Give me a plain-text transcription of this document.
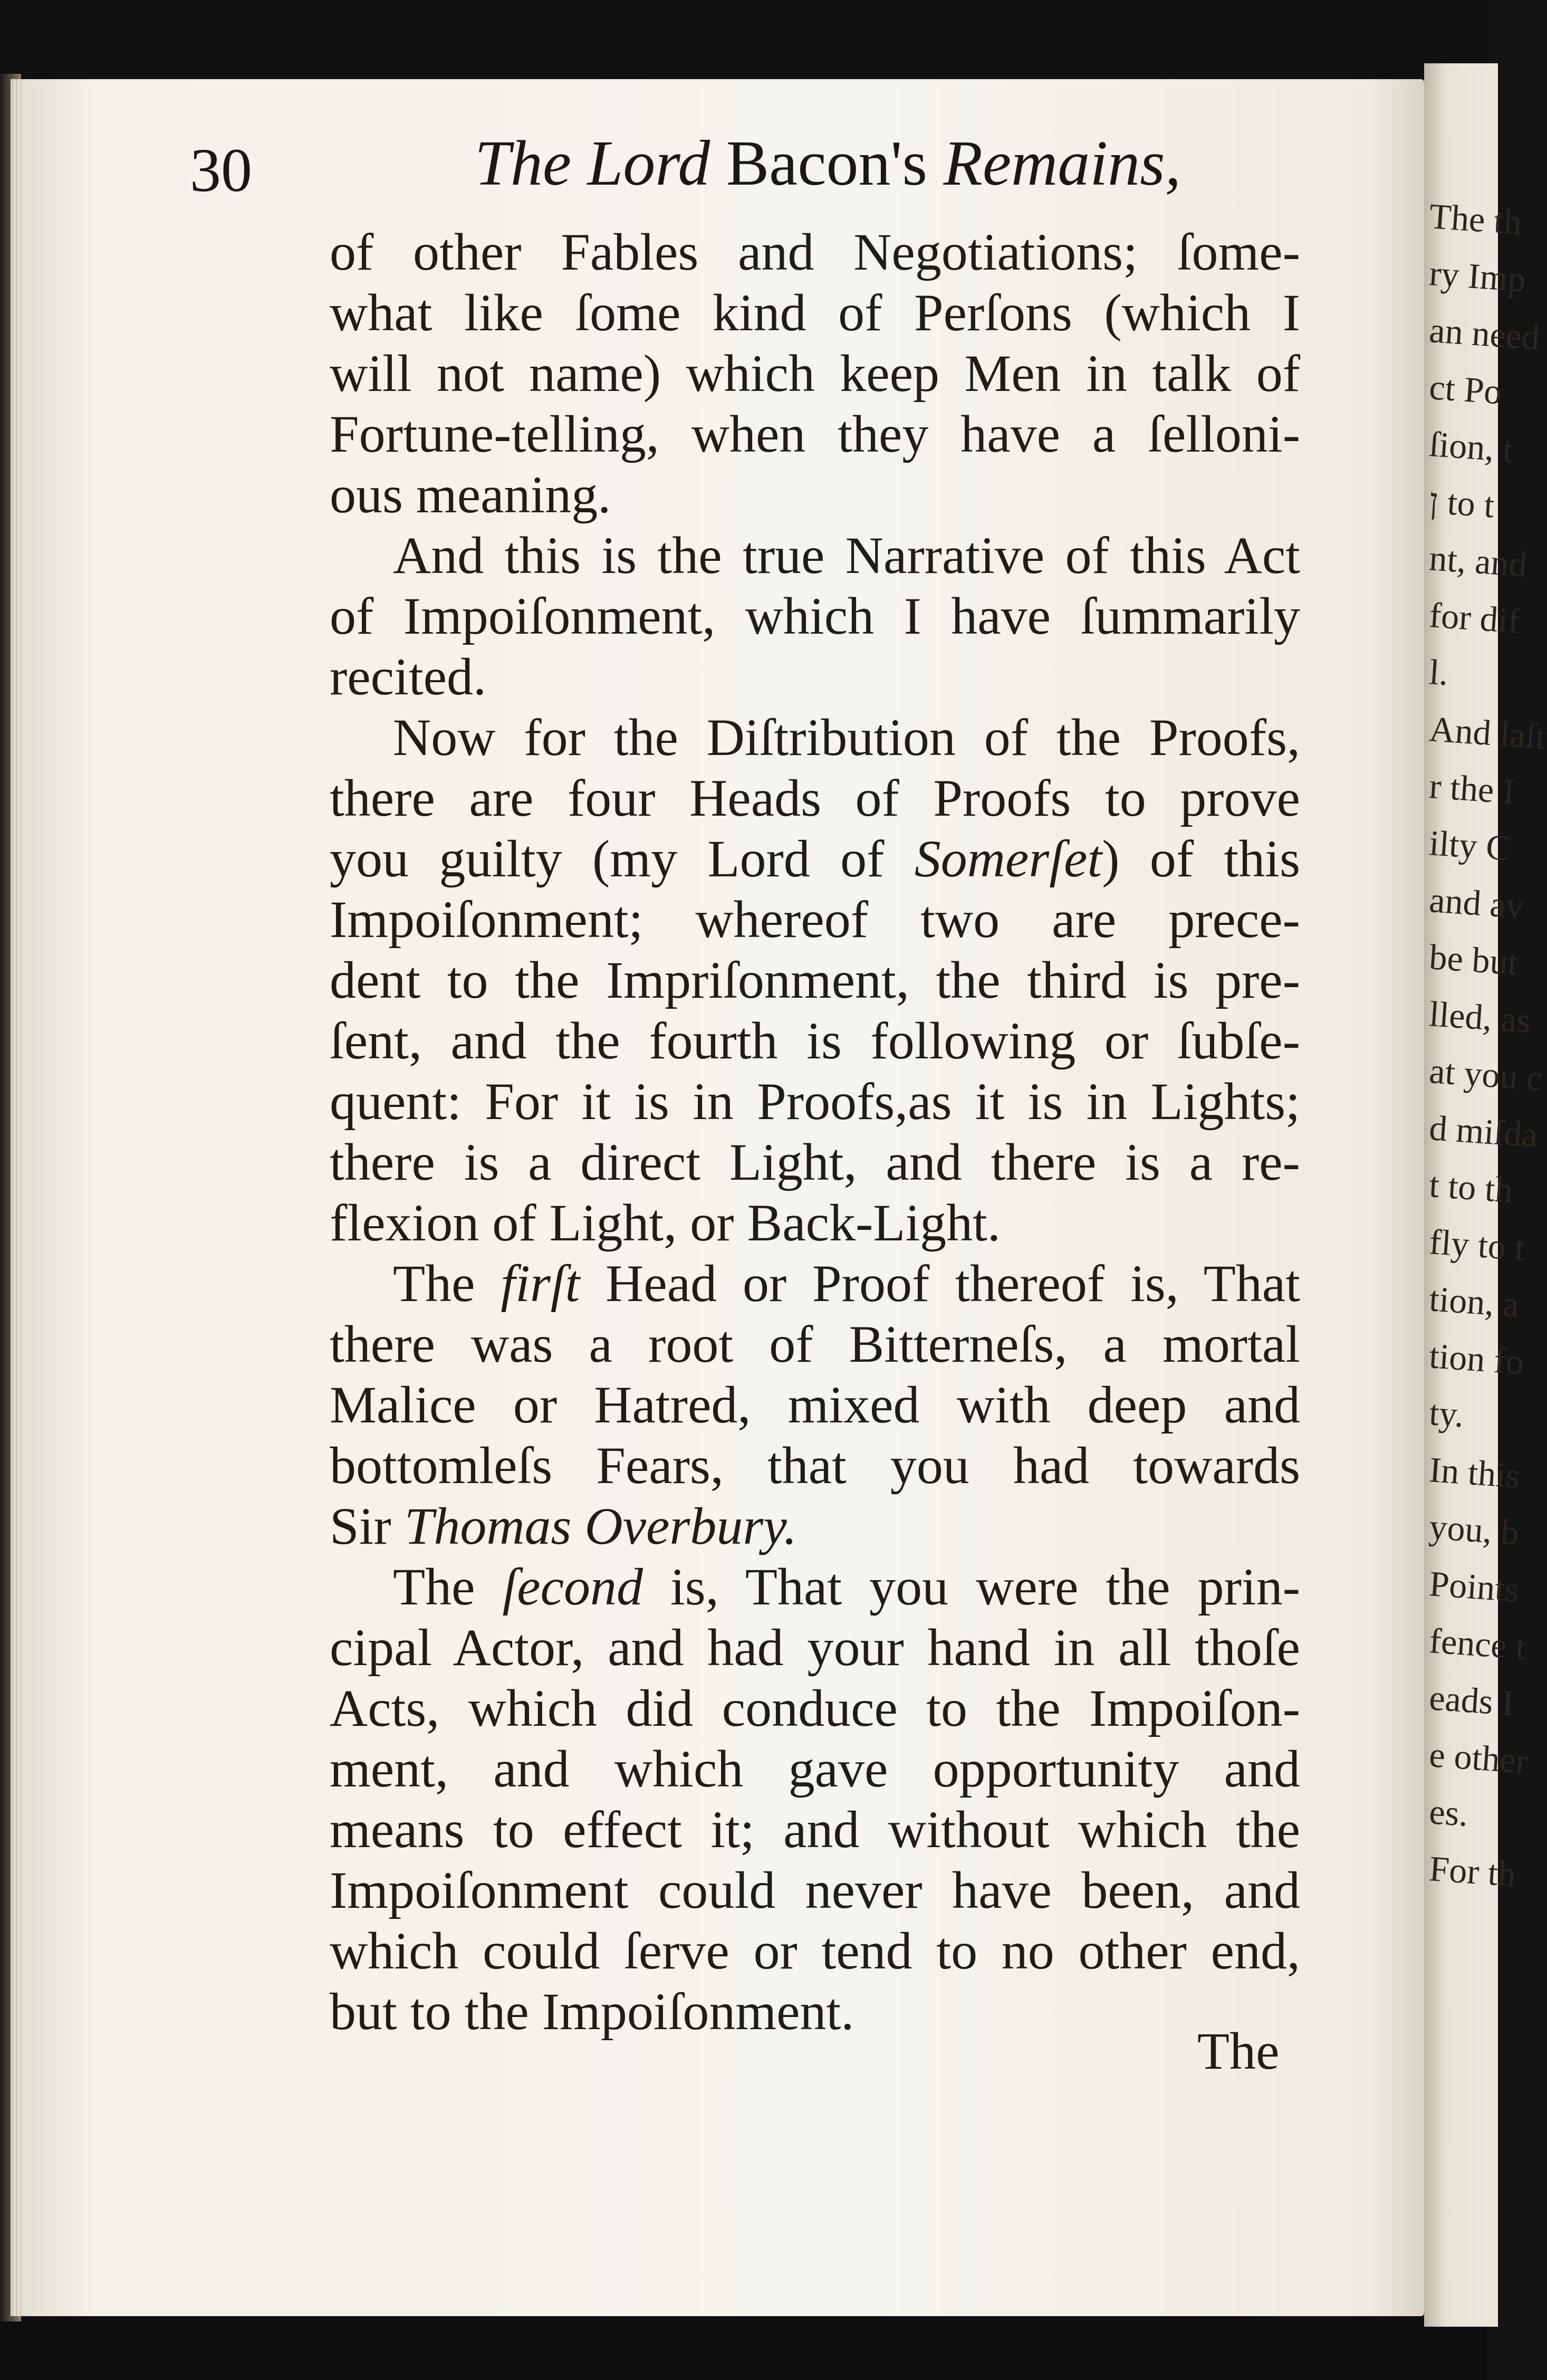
30	The Lord Bacon's Remains,
of other Fables and Negotiations; ſome-
what like ſome kind of Perſons (which I
will not name) which keep Men in talk of
Fortune-telling, when they have a ſelloni-
ous meaning.
And this is the true Narrative of this Act
of Impoiſonment, which I have ſummarily
recited.
Now for the Diſtribution of the Proofs,
there are four Heads of Proofs to prove
you guilty (my Lord of Somerſet) of this
Impoiſonment; whereof two are prece-
dent to the Impriſonment, the third is pre-
ſent, and the fourth is following or ſubſe-
quent: For it is in Proofs,as it is in Lights;
there is a direct Light, and there is a re-
flexion of Light, or Back-Light.
The firſt Head or Proof thereof is, That
there was a root of Bitterneſs, a mortal
Malice or Hatred, mixed with deep and
bottomleſs Fears, that you had towards
Sir Thomas Overbury.
The ſecond is, That you were the prin-
cipal Actor, and had your hand in all thoſe
Acts, which did conduce to the Impoiſon-
ment, and which gave opportunity and
means to effect it; and without which the
Impoiſonment could never have been, and
which could ſerve or tend to no other end,
but to the Impoiſonment.
The
The th
ry Imp
an need
ct Po
ſion, t
ן to t
nt, and
for dif
l.
And laſt
r the I
ilty C
and av
be but
lled, as
at you c
d miſda
t to th
fly to t
tion, a
tion fo
ty.
In this
you, b
Points
fence t
eads I
e other
es.
For th
